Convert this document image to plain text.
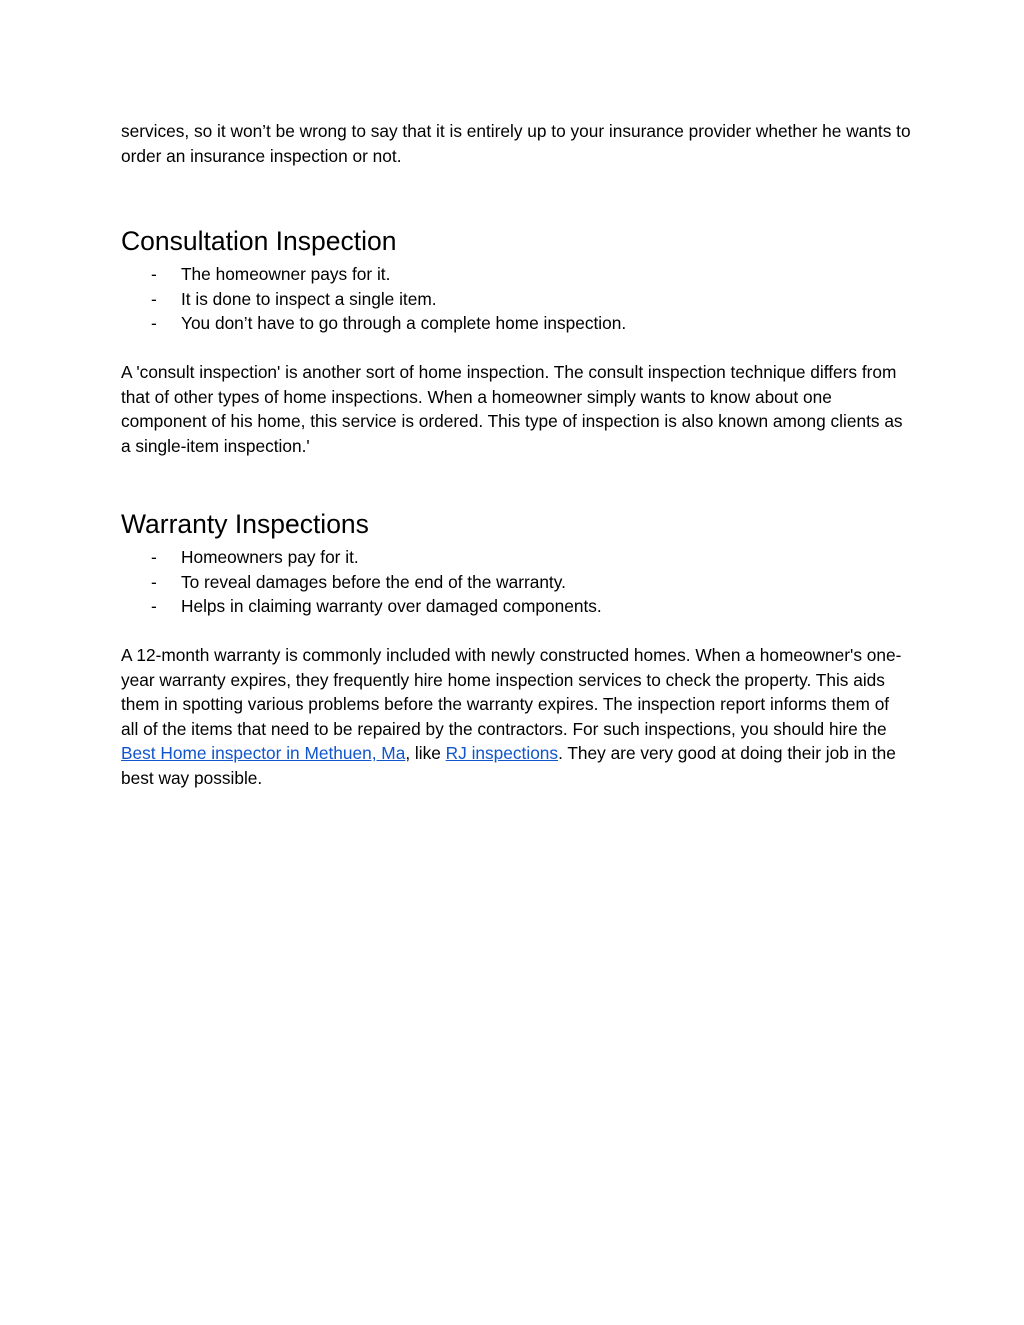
services, so it won’t be wrong to say that it is entirely up to your insurance provider whether he wants to order an insurance inspection or not.

Consultation Inspection
- The homeowner pays for it.
- It is done to inspect a single item.
- You don’t have to go through a complete home inspection.

A 'consult inspection' is another sort of home inspection. The consult inspection technique differs from that of other types of home inspections. When a homeowner simply wants to know about one component of his home, this service is ordered. This type of inspection is also known among clients as a single-item inspection.'

Warranty Inspections
- Homeowners pay for it.
- To reveal damages before the end of the warranty.
- Helps in claiming warranty over damaged components.

A 12-month warranty is commonly included with newly constructed homes. When a homeowner's one-year warranty expires, they frequently hire home inspection services to check the property. This aids them in spotting various problems before the warranty expires. The inspection report informs them of all of the items that need to be repaired by the contractors. For such inspections, you should hire the Best Home inspector in Methuen, Ma, like RJ inspections. They are very good at doing their job in the best way possible.
